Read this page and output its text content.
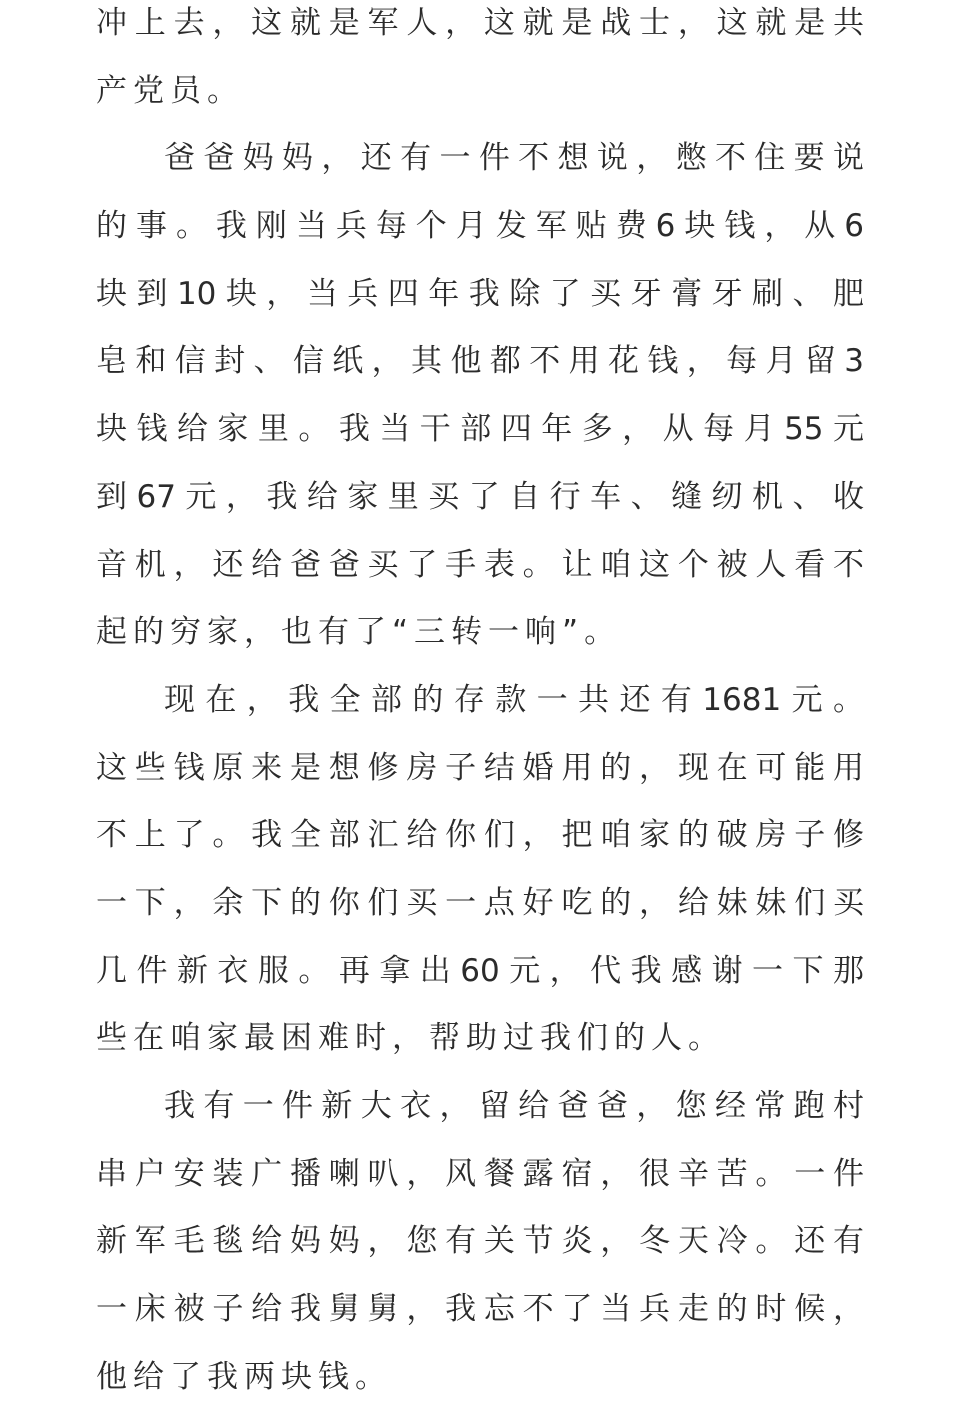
冲上去，这就是军人，这就是战士，这就是共
产党员。
爸爸妈妈，还有一件不想说，憋不住要说
的事。我刚当兵每个月发军贴费6块钱，从6
块到10块，当兵四年我除了买牙膏牙刷、肥
皂和信封、信纸，其他都不用花钱，每月留3
块钱给家里。我当干部四年多，从每月55元
到67元，我给家里买了自行车、缝纫机、收
音机，还给爸爸买了手表。让咱这个被人看不
起的穷家，也有了“三转一响”。
现在，我全部的存款一共还有1681元。
这些钱原来是想修房子结婚用的，现在可能用
不上了。我全部汇给你们，把咱家的破房子修
一下，余下的你们买一点好吃的，给妹妹们买
几件新衣服。再拿出60元，代我感谢一下那
些在咱家最困难时，帮助过我们的人。
我有一件新大衣，留给爸爸，您经常跑村
串户安装广播喇叭，风餐露宿，很辛苦。一件
新军毛毯给妈妈，您有关节炎，冬天冷。还有
一床被子给我舅舅，我忘不了当兵走的时候，
他给了我两块钱。
